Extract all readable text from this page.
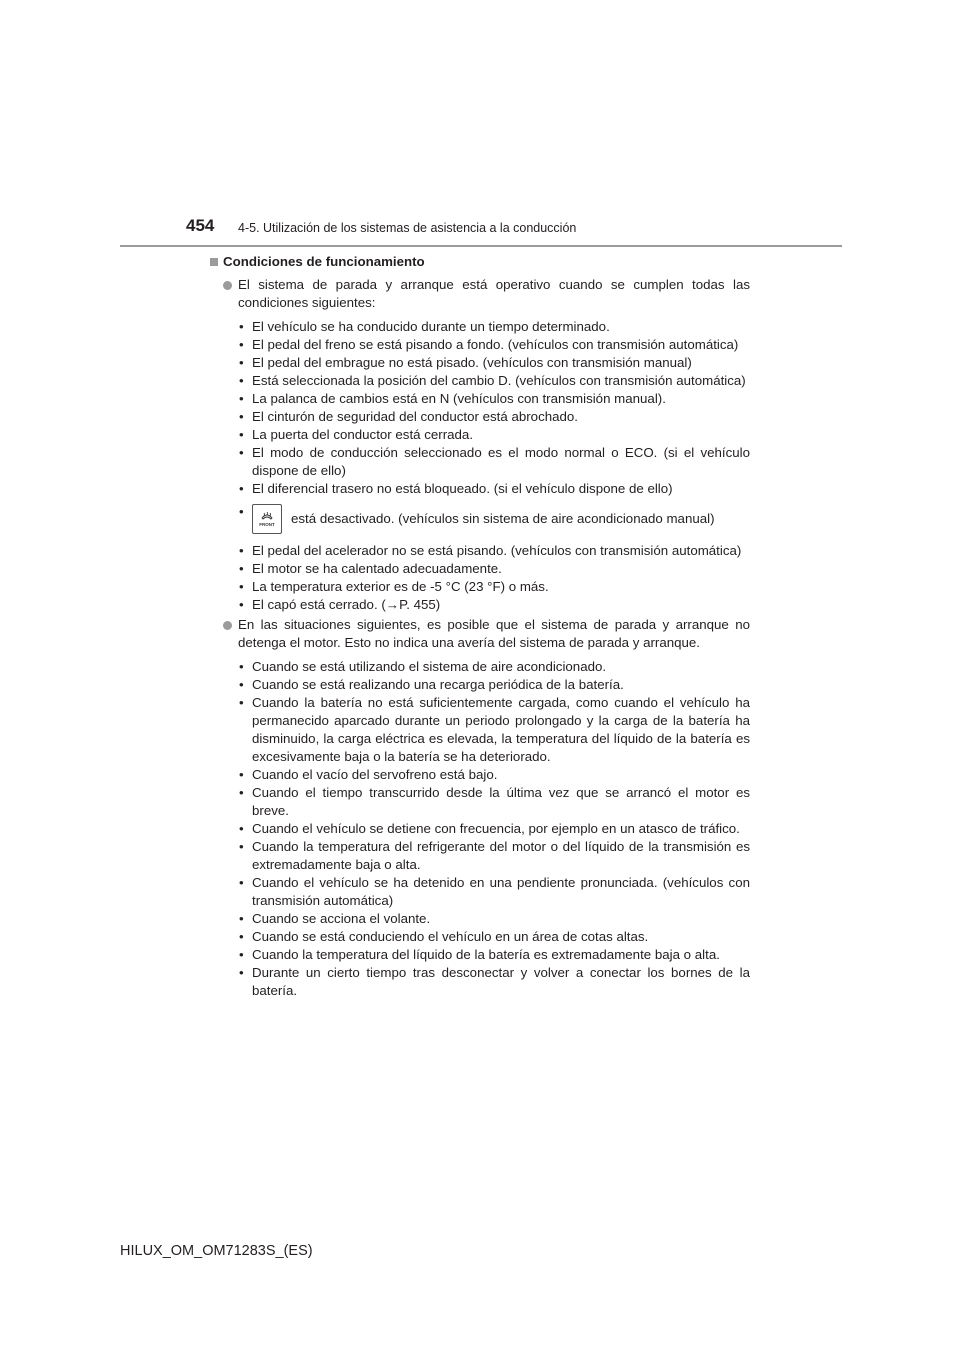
454 4-5. Utilización de los sistemas de asistencia a la conducción
Condiciones de funcionamiento
El sistema de parada y arranque está operativo cuando se cumplen todas las condiciones siguientes:
• El vehículo se ha conducido durante un tiempo determinado.
• El pedal del freno se está pisando a fondo. (vehículos con transmisión automática)
• El pedal del embrague no está pisado. (vehículos con transmisión manual)
• Está seleccionada la posición del cambio D. (vehículos con transmisión automática)
• La palanca de cambios está en N (vehículos con transmisión manual).
• El cinturón de seguridad del conductor está abrochado.
• La puerta del conductor está cerrada.
• El modo de conducción seleccionado es el modo normal o ECO. (si el vehículo dispone de ello)
• El diferencial trasero no está bloqueado. (si el vehículo dispone de ello)
•
FRONT está desactivado. (vehículos sin sistema de aire acondicionado manual)
• El pedal del acelerador no se está pisando. (vehículos con transmisión automática)
• El motor se ha calentado adecuadamente.
• La temperatura exterior es de -5 °C (23 °F) o más.
• El capó está cerrado. (→P. 455)
En las situaciones siguientes, es posible que el sistema de parada y arranque no detenga el motor. Esto no indica una avería del sistema de parada y arranque.
• Cuando se está utilizando el sistema de aire acondicionado.
• Cuando se está realizando una recarga periódica de la batería.
• Cuando la batería no está suficientemente cargada, como cuando el vehículo ha permanecido aparcado durante un periodo prolongado y la carga de la batería ha disminuido, la carga eléctrica es elevada, la temperatura del líquido de la batería es excesivamente baja o la batería se ha deteriorado.
• Cuando el vacío del servofreno está bajo.
• Cuando el tiempo transcurrido desde la última vez que se arrancó el motor es breve.
• Cuando el vehículo se detiene con frecuencia, por ejemplo en un atasco de tráfico.
• Cuando la temperatura del refrigerante del motor o del líquido de la transmisión es extremadamente baja o alta.
• Cuando el vehículo se ha detenido en una pendiente pronunciada. (vehículos con transmisión automática)
• Cuando se acciona el volante.
• Cuando se está conduciendo el vehículo en un área de cotas altas.
• Cuando la temperatura del líquido de la batería es extremadamente baja o alta.
• Durante un cierto tiempo tras desconectar y volver a conectar los bornes de la batería.
HILUX_OM_OM71283S_(ES)
